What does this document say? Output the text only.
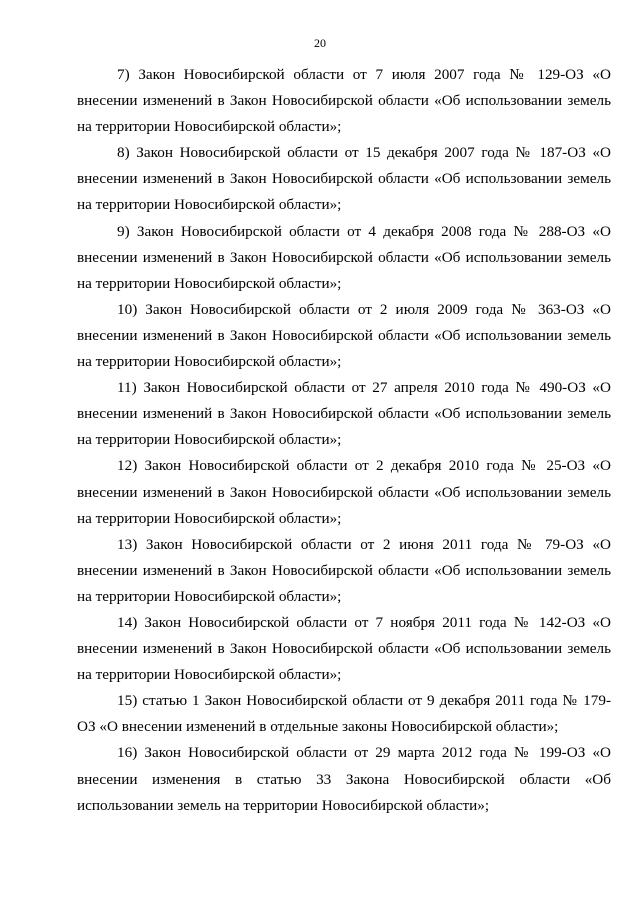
20

7) Закон Новосибирской области от 7 июля 2007 года № 129-ОЗ «О внесении изменений в Закон Новосибирской области «Об использовании земель на территории Новосибирской области»;

8) Закон Новосибирской области от 15 декабря 2007 года № 187-ОЗ «О внесении изменений в Закон Новосибирской области «Об использовании земель на территории Новосибирской области»;

9) Закон Новосибирской области от 4 декабря 2008 года № 288-ОЗ «О внесении изменений в Закон Новосибирской области «Об использовании земель на территории Новосибирской области»;

10) Закон Новосибирской области от 2 июля 2009 года № 363-ОЗ «О внесении изменений в Закон Новосибирской области «Об использовании земель на территории Новосибирской области»;

11) Закон Новосибирской области от 27 апреля 2010 года № 490-ОЗ «О внесении изменений в Закон Новосибирской области «Об использовании земель на территории Новосибирской области»;

12) Закон Новосибирской области от 2 декабря 2010 года № 25-ОЗ «О внесении изменений в Закон Новосибирской области «Об использовании земель на территории Новосибирской области»;

13) Закон Новосибирской области от 2 июня 2011 года № 79-ОЗ «О внесении изменений в Закон Новосибирской области «Об использовании земель на территории Новосибирской области»;

14) Закон Новосибирской области от 7 ноября 2011 года № 142-ОЗ «О внесении изменений в Закон Новосибирской области «Об использовании земель на территории Новосибирской области»;

15) статью 1 Закон Новосибирской области от 9 декабря 2011 года № 179-ОЗ «О внесении изменений в отдельные законы Новосибирской области»;

16) Закон Новосибирской области от 29 марта 2012 года № 199-ОЗ «О внесении изменения в статью 33 Закона Новосибирской области «Об использовании земель на территории Новосибирской области»;
